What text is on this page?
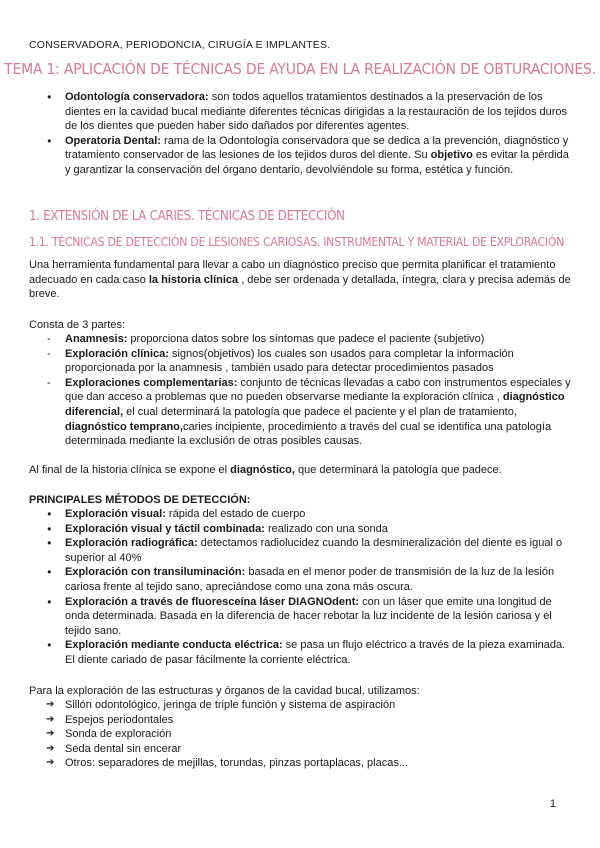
CONSERVADORA, PERIODONCIA, CIRUGÍA E IMPLANTES.
TEMA 1: APLICACIÓN DE TÉCNICAS DE AYUDA EN LA REALIZACIÓN DE OBTURACIONES.
● Odontología conservadora: son todos aquellos tratamientos destinados a la preservación de los dientes en la cavidad bucal mediante diferentes técnicas dirigidas a la restauración de los tejidos duros de los dientes que pueden haber sido dañados por diferentes agentes.
● Operatoria Dental: rama de la Odontología conservadora que se dedica a la prevención, diagnóstico y tratamiento conservador de las lesiones de los tejidos duros del diente. Su objetivo es evitar la pérdida y garantizar la conservación del órgano dentario, devolviéndole su forma, estética y función.
1. EXTENSIÓN DE LA CARIES. TÉCNICAS DE DETECCIÓN
1.1. TÉCNICAS DE DETECCIÓN DE LESIONES CARIOSAS. INSTRUMENTAL Y MATERIAL DE EXPLORACIÓN
Una herramienta fundamental para llevar a cabo un diagnóstico preciso que permita planificar el tratamiento adecuado en cada caso la historia clínica , debe ser ordenada y detallada, íntegra, clara y precisa además de breve.
Consta de 3 partes:
- Anamnesis: proporciona datos sobre los síntomas que padece el paciente (subjetivo)
- Exploración clínica: signos(objetivos) los cuales son usados para completar la información proporcionada por la anamnesis , también usado para detectar procedimientos pasados
- Exploraciones complementarias: conjunto de técnicas llevadas a cabo con instrumentos especiales y que dan acceso a problemas que no pueden observarse mediante la exploración clínica , diagnóstico diferencial, el cual determinará la patología que padece el paciente y el plan de tratamiento, diagnóstico temprano,caries incipiente, procedimiento a través del cual se identifica una patología determinada mediante la exclusión de otras posibles causas.
Al final de la historia clínica se expone el diagnóstico, que determinará la patología que padece.
PRINCIPALES MÉTODOS DE DETECCIÓN:
● Exploración visual: rápida del estado de cuerpo
● Exploración visual y táctil combinada: realizado con una sonda
● Exploración radiográfica: detectamos radiolucidez cuando la desmineralización del diente es igual o superior al 40%
● Exploración con transiluminación: basada en el menor poder de transmisión de la luz de la lesión cariosa frente al tejido sano, apreciándose como una zona más oscura.
● Exploración a través de fluoresceína láser DIAGNOdent: con un láser que emite una longitud de onda determinada. Basada en la diferencia de hacer rebotar la luz incidente de la lesión cariosa y el tejido sano.
● Exploración mediante conducta eléctrica: se pasa un flujo eléctrico a través de la pieza examinada. El diente cariado de pasar fácilmente la corriente eléctrica.
Para la exploración de las estructuras y órganos de la cavidad bucal, utilizamos:
➔ Sillón odontológico, jeringa de triple función y sistema de aspiración
➔ Espejos periodontales
➔ Sonda de exploración
➔ Seda dental sin encerar
➔ Otros: separadores de mejillas, torundas, pinzas portaplacas, placas...
1
